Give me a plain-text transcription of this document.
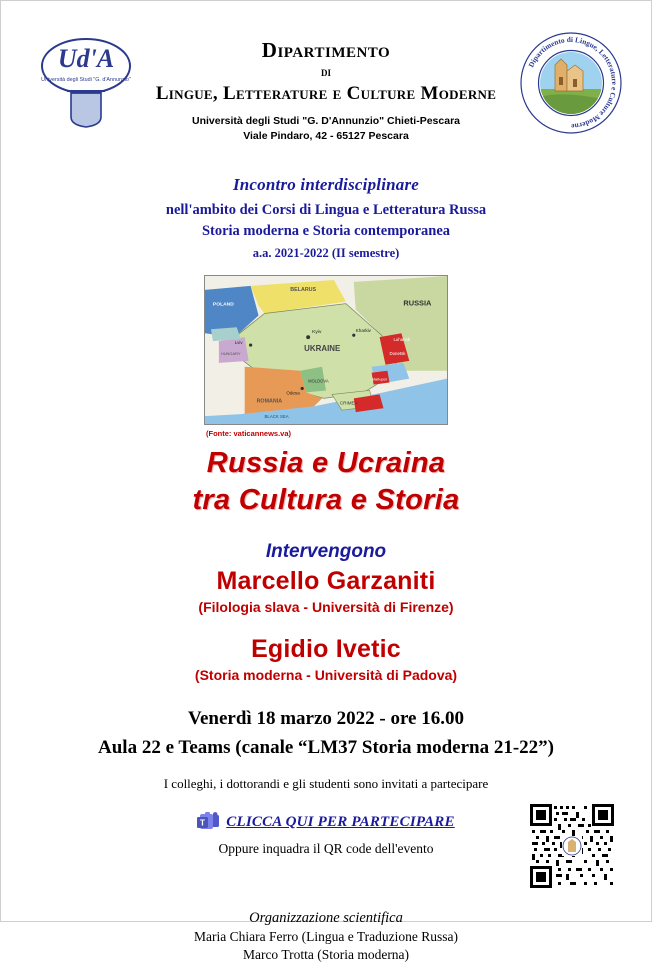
Ud'A
Università degli Studi "G. d'Annunzio"
Dipartimento
di
Lingue, Letterature e Culture Moderne
Università degli Studi "G. D'Annunzio" Chieti-Pescara
Viale Pindaro, 42 - 65127 Pescara
Dipartimento di Lingue, Letterature e Culture Moderne
Incontro interdisciplinare
nell'ambito dei Corsi di Lingua e Letteratura Russa
Storia moderna e Storia contemporanea
a.a. 2021-2022 (II semestre)
RUSSIA
BELARUS
UKRAINE
ROMANIA
POLAND
MOLDOVA
HUNGARY
Kyiv
Lviv
Kharkiv
Odesa
Donetsk
Luhansk
Mariupol
CRIMEA
BLACK SEA
(Fonte: vaticannews.va)
Russia e Ucraina
tra Cultura e Storia
Intervengono
Marcello Garzaniti
(Filologia slava - Università di Firenze)
Egidio Ivetic
(Storia moderna - Università di Padova)
Venerdì 18 marzo 2022 - ore 16.00
Aula 22 e Teams (canale “LM37 Storia moderna 21-22”)
I colleghi, i dottorandi e gli studenti sono invitati a partecipare
T CLICCA QUI PER PARTECIPARE
Oppure inquadra il QR code dell'evento
Organizzazione scientifica
Maria Chiara Ferro (Lingua e Traduzione Russa)
Marco Trotta (Storia moderna)
